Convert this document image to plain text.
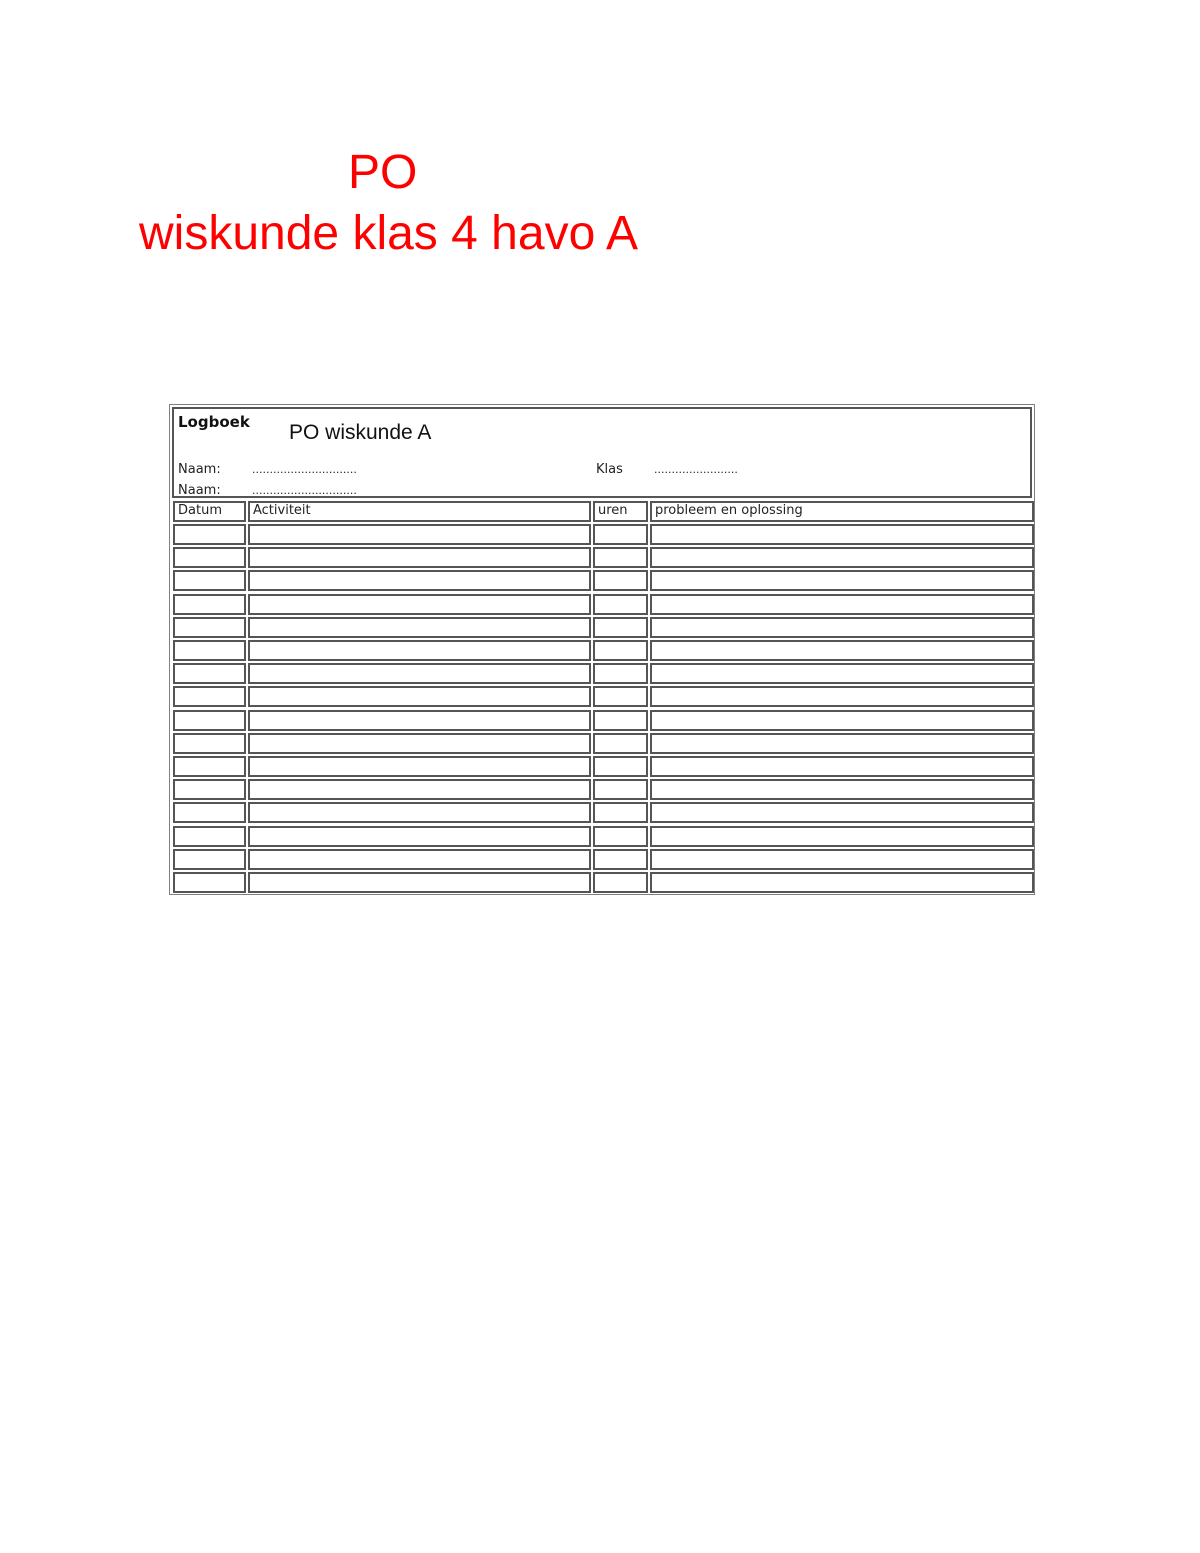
PO
wiskunde klas 4 havo A
Logboek PO wiskunde A
Naam:	..............................
Naam:	..............................
Klas	........................
Datum	Activiteit	uren	probleem en oplossing
